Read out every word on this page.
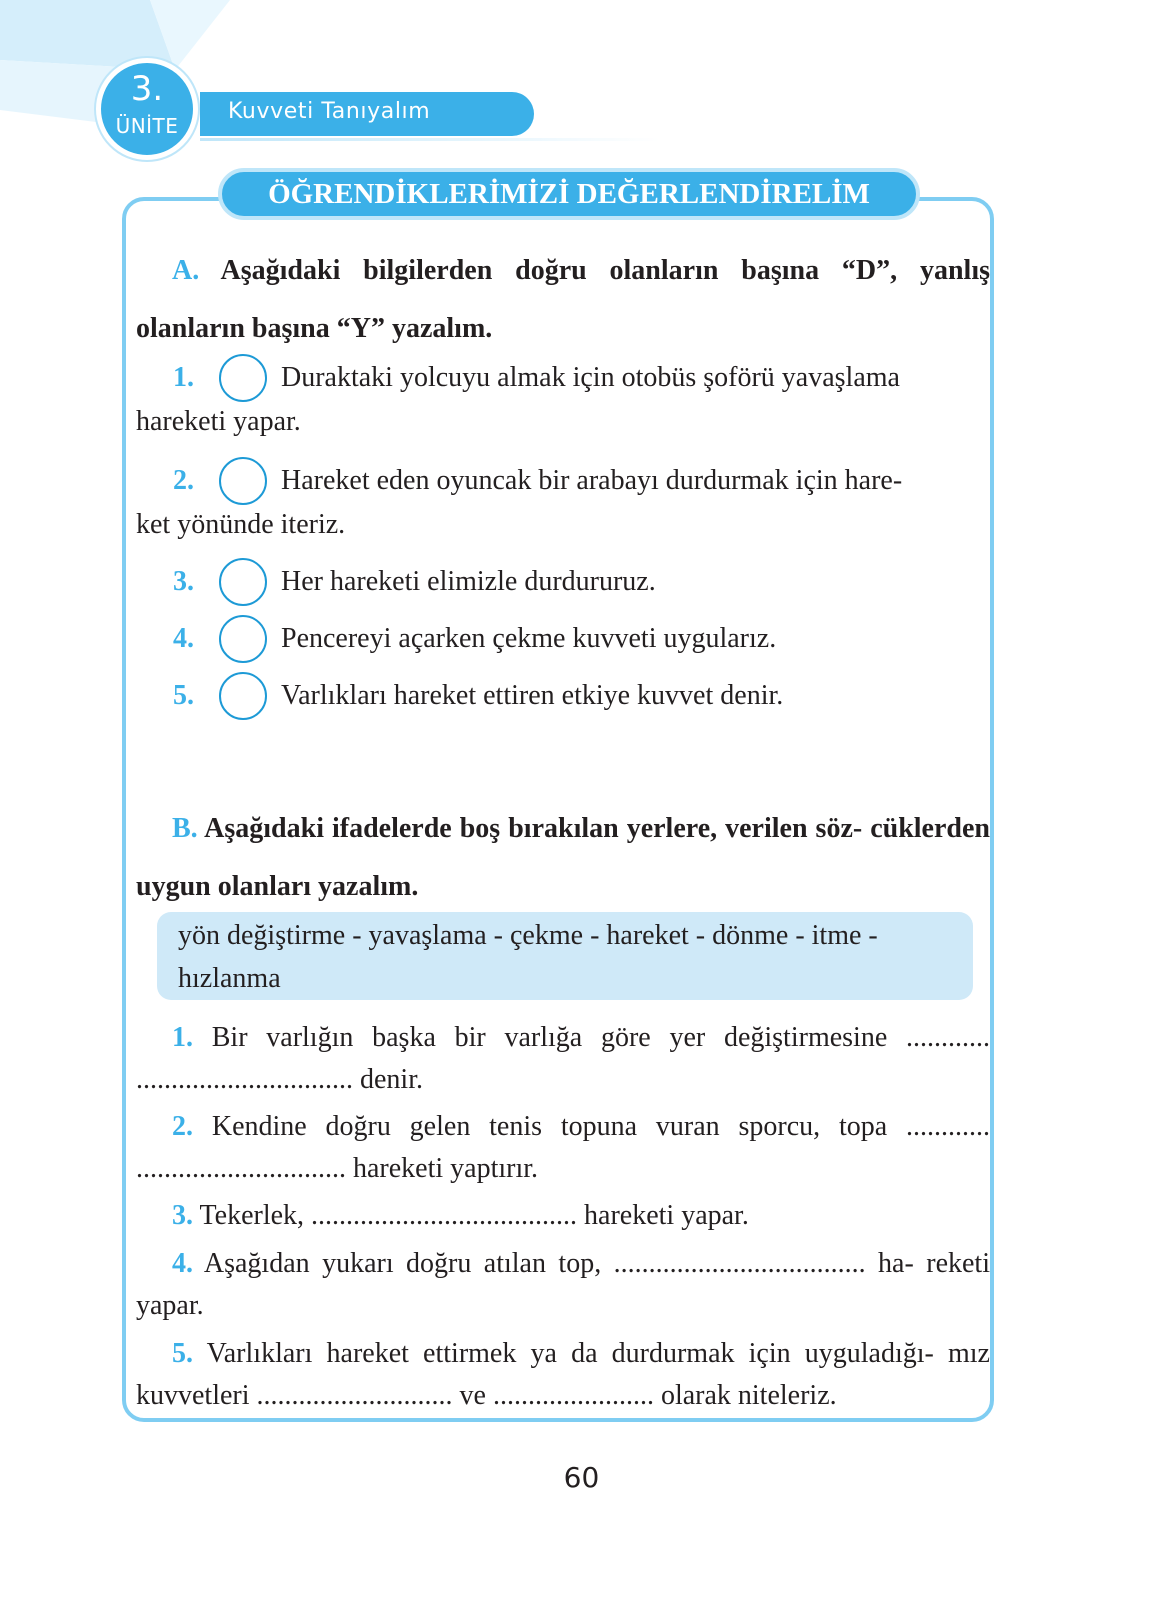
3.
ÜNİTE
Kuvveti Tanıyalım
ÖĞRENDİKLERİMİZİ DEĞERLENDİRELİM

A. Aşağıdaki bilgilerden doğru olanların başına “D”, yanlış olanların başına “Y” yazalım.

1.	Duraktaki yolcuyu almak için otobüs şoförü yavaşlama
hareketi yapar.
2.	Hareket eden oyuncak bir arabayı durdurmak için hare-
ket yönünde iteriz.
3.	Her hareketi elimizle durdururuz.
4.	Pencereyi açarken çekme kuvveti uygularız.
5.	Varlıkları hareket ettiren etkiye kuvvet denir.

B. Aşağıdaki ifadelerde boş bırakılan yerlere, verilen söz- cüklerden uygun olanları yazalım.

yön değiştirme - yavaşlama - çekme - hareket - dönme - itme - hızlanma
1. Bir varlığın başka bir varlığa göre yer değiştirmesine ............ ............................... denir.
2. Kendine doğru gelen tenis topuna vuran sporcu, topa ............ .............................. hareketi yaptırır.
3. Tekerlek, ...................................... hareketi yapar.
4. Aşağıdan yukarı doğru atılan top, .................................... ha- reketi yapar.
5. Varlıkları hareket ettirmek ya da durdurmak için uyguladığı- mız kuvvetleri ............................ ve ....................... olarak niteleriz.
60
